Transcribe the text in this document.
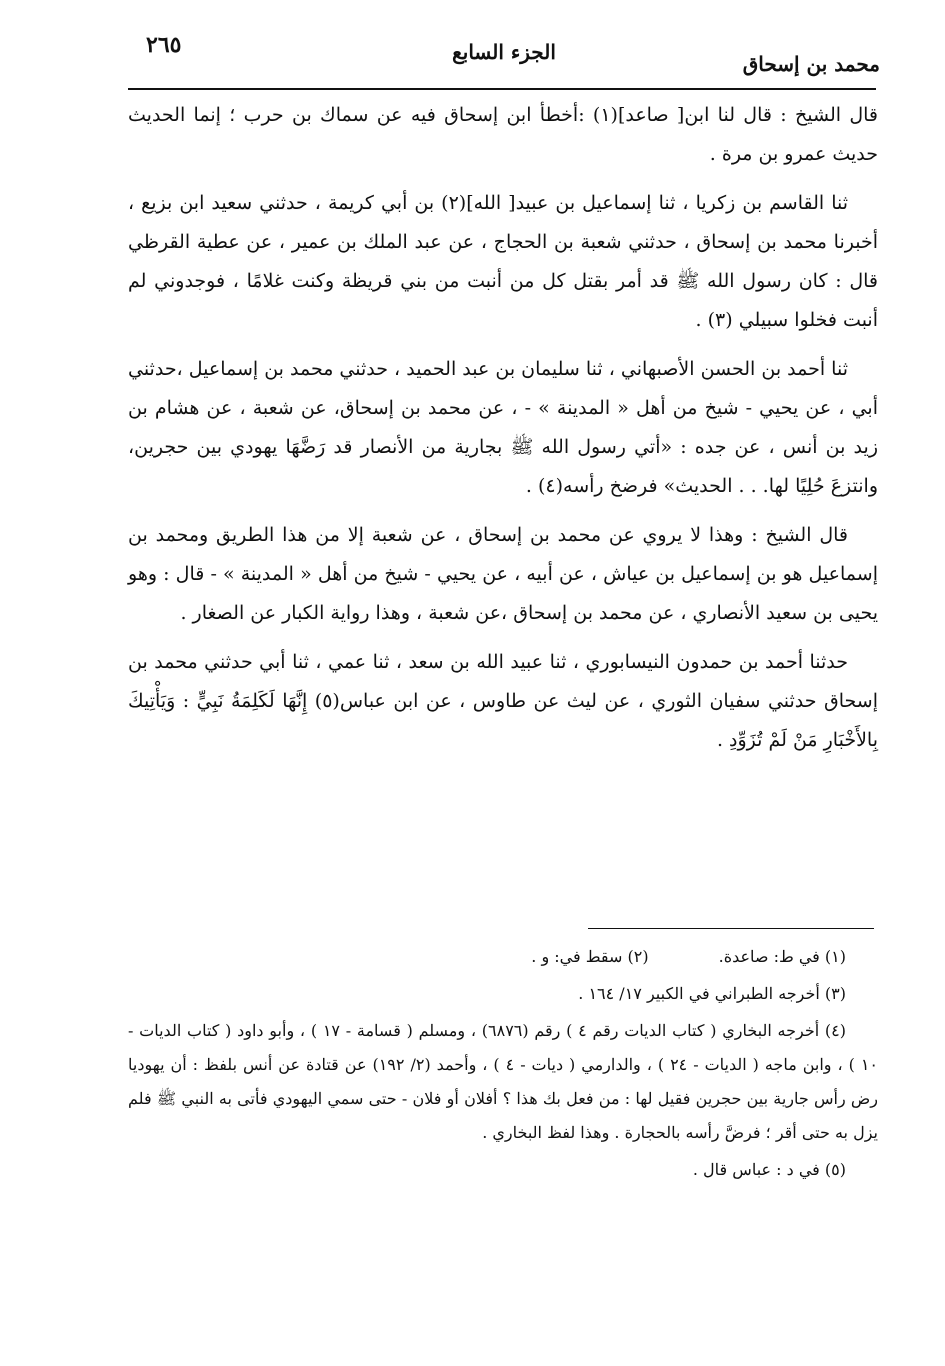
محمد بن إسحاق
الجزء السابع
٢٦٥

قال الشيخ : قال لنا ابن[ صاعد](١) :أخطأ ابن إسحاق فيه عن سماك بن حرب ؛ إنما الحديث حديث عمرو بن مرة .

ثنا القاسم بن زكريا ، ثنا إسماعيل بن عبيد[ الله](٢) بن أبي كريمة ، حدثني سعيد ابن بزيع ، أخبرنا محمد بن إسحاق ، حدثني شعبة بن الحجاج ، عن عبد الملك بن عمير ، عن عطية القرظي قال : كان رسول الله ﷺ قد أمر بقتل كل من أنبت من بني قريظة وكنت غلامًا ، فوجدوني لم أنبت فخلوا سبيلي (٣) .

ثنا أحمد بن الحسن الأصبهاني ، ثنا سليمان بن عبد الحميد ، حدثني محمد بن إسماعيل ،حدثني أبي ، عن يحيي - شيخ من أهل « المدينة » - ، عن محمد بن إسحاق، عن شعبة ، عن هشام بن زيد بن أنس ، عن جده : «أتي رسول الله ﷺ بجارية من الأنصار قد رَضَّهَا يهودي بين حجرين، وانتزعَ حُلِيًا لها. . . الحديث» فرضخ رأسه(٤) .

قال الشيخ : وهذا لا يروي عن محمد بن إسحاق ، عن شعبة إلا من هذا الطريق ومحمد بن إسماعيل هو بن إسماعيل بن عياش ، عن أبيه ، عن يحيي - شيخ من أهل « المدينة » - قال : وهو يحيى بن سعيد الأنصاري ، عن محمد بن إسحاق ،عن شعبة ، وهذا رواية الكبار عن الصغار .

حدثنا أحمد بن حمدون النيسابوري ، ثنا عبيد الله بن سعد ، ثنا عمي ، ثنا أبي حدثني محمد بن إسحاق حدثني سفيان الثوري ، عن ليث عن طاوس ، عن ابن عباس(٥) إِنَّهَا لَكَلِمَةُ نَبِيٍّ : وَيَأْتِيكَ بِالأَخْبَارِ مَنْ لَمْ تُزَوِّدِ .

(١) في ط: صاعدة.(٢) سقط في: و .

(٣) أخرجه الطبراني في الكبير ١٧/ ١٦٤ .

(٤) أخرجه البخاري ( كتاب الديات رقم ٤ ) رقم (٦٨٧٦) ، ومسلم ( قسامة - ١٧ ) ، وأبو داود ( كتاب الديات - ١٠ ) ، وابن ماجه ( الديات - ٢٤ ) ، والدارمي ( ديات - ٤ ) ، وأحمد (٢/ ١٩٢) عن قتادة عن أنس بلفظ : أن يهوديا رض رأس جارية بين حجرين فقيل لها : من فعل بك هذا ؟ أفلان أو فلان - حتى سمي اليهودي فأتى به النبي ﷺ فلم يزل به حتى أقر ؛ فرضَّ رأسه بالحجارة . وهذا لفظ البخاري .

(٥) في د : عباس قال .
